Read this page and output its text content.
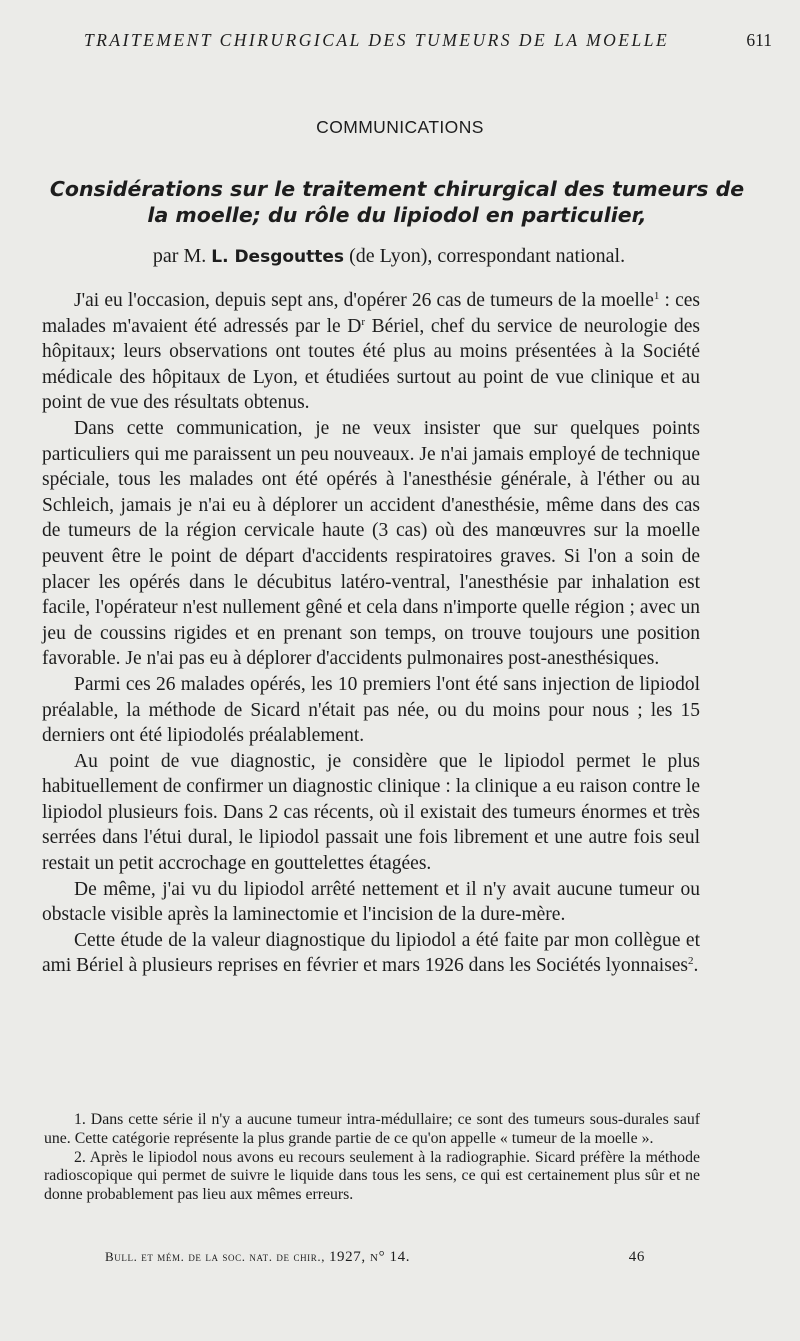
TRAITEMENT CHIRURGICAL DES TUMEURS DE LA MOELLE	611
COMMUNICATIONS
Considérations sur le traitement chirurgical des tumeurs de la moelle; du rôle du lipiodol en particulier,
par M. L. Desgouttes (de Lyon), correspondant national.

J'ai eu l'occasion, depuis sept ans, d'opérer 26 cas de tumeurs de la moelle$^1$ : ces malades m'avaient été adressés par le $D^r$ Bériel, chef du service de neurologie des hôpitaux; leurs observations ont toutes été plus au moins présentées à la Société médicale des hôpitaux de Lyon, et étudiées surtout au point de vue clinique et au point de vue des résultats obtenus.

Dans cette communication, je ne veux insister que sur quelques points particuliers qui me paraissent un peu nouveaux. Je n'ai jamais employé de technique spéciale, tous les malades ont été opérés à l'anesthésie générale, à l'éther ou au Schleich, jamais je n'ai eu à déplorer un accident d'anesthésie, même dans des cas de tumeurs de la région cervicale haute (3 cas) où des manœuvres sur la moelle peuvent être le point de départ d'accidents respiratoires graves. Si l'on a soin de placer les opérés dans le décubitus latéro-ventral, l'anesthésie par inhalation est facile, l'opérateur n'est nullement gêné et cela dans n'importe quelle région ; avec un jeu de coussins rigides et en prenant son temps, on trouve toujours une position favorable. Je n'ai pas eu à déplorer d'accidents pulmonaires post-anesthésiques.

Parmi ces 26 malades opérés, les 10 premiers l'ont été sans injection de lipiodol préalable, la méthode de Sicard n'était pas née, ou du moins pour nous ; les 15 derniers ont été lipiodolés préalablement.

Au point de vue diagnostic, je considère que le lipiodol permet le plus habituellement de confirmer un diagnostic clinique : la clinique a eu raison contre le lipiodol plusieurs fois. Dans 2 cas récents, où il existait des tumeurs énormes et très serrées dans l'étui dural, le lipiodol passait une fois librement et une autre fois seul restait un petit accrochage en gouttelettes étagées.

De même, j'ai vu du lipiodol arrêté nettement et il n'y avait aucune tumeur ou obstacle visible après la laminectomie et l'incision de la dure-mère.

Cette étude de la valeur diagnostique du lipiodol a été faite par mon collègue et ami Bériel à plusieurs reprises en février et mars 1926 dans les Sociétés lyonnaises$^2$.

1. Dans cette série il n'y a aucune tumeur intra-médullaire; ce sont des tumeurs sous-durales sauf une. Cette catégorie représente la plus grande partie de ce qu'on appelle « tumeur de la moelle ».

2. Après le lipiodol nous avons eu recours seulement à la radiographie. Sicard préfère la méthode radioscopique qui permet de suivre le liquide dans tous les sens, ce qui est certainement plus sûr et ne donne probablement pas lieu aux mêmes erreurs.

Bull. et mém. de la soc. nat. de chir., 1927, n° 14.	46
